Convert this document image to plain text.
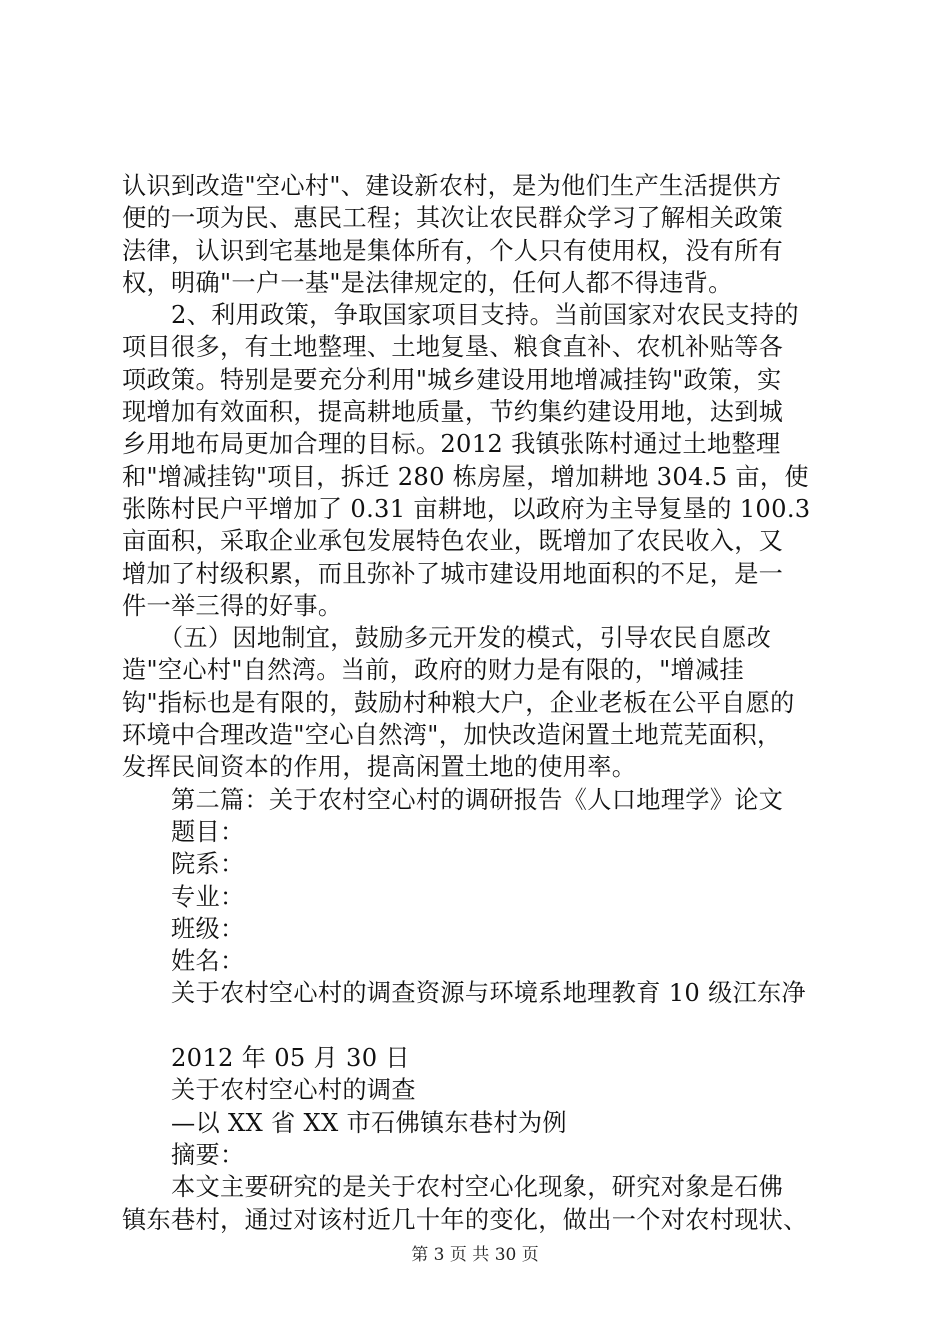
认识到改造"空心村"、建设新农村，是为他们生产生活提供方
便的一项为民、惠民工程；其次让农民群众学习了解相关政策
法律，认识到宅基地是集体所有，个人只有使用权，没有所有
权，明确"一户一基"是法律规定的，任何人都不得违背。
　　2、利用政策，争取国家项目支持。当前国家对农民支持的
项目很多，有土地整理、土地复垦、粮食直补、农机补贴等各
项政策。特别是要充分利用"城乡建设用地增减挂钩"政策，实
现增加有效面积，提高耕地质量，节约集约建设用地，达到城
乡用地布局更加合理的目标。2012 我镇张陈村通过土地整理
和"增减挂钩"项目，拆迁 280 栋房屋，增加耕地 304.5 亩，使
张陈村民户平增加了 0.31 亩耕地，以政府为主导复垦的 100.3
亩面积，采取企业承包发展特色农业，既增加了农民收入，又
增加了村级积累，而且弥补了城市建设用地面积的不足，是一
件一举三得的好事。
　　（五）因地制宜，鼓励多元开发的模式，引导农民自愿改
造"空心村"自然湾。当前，政府的财力是有限的，"增减挂
钩"指标也是有限的，鼓励村种粮大户，企业老板在公平自愿的
环境中合理改造"空心自然湾"，加快改造闲置土地荒芜面积，
发挥民间资本的作用，提高闲置土地的使用率。
　　第二篇：关于农村空心村的调研报告《人口地理学》论文
　　题目：
　　院系：
　　专业：
　　班级：
　　姓名：
　　关于农村空心村的调查资源与环境系地理教育 10 级江东净
　　2012 年 05 月 30 日
　　关于农村空心村的调查
　　—以 XX 省 XX 市石佛镇东巷村为例
　　摘要：
　　本文主要研究的是关于农村空心化现象，研究对象是石佛
镇东巷村，通过对该村近几十年的变化，做出一个对农村现状、
第 3 页 共 30 页
